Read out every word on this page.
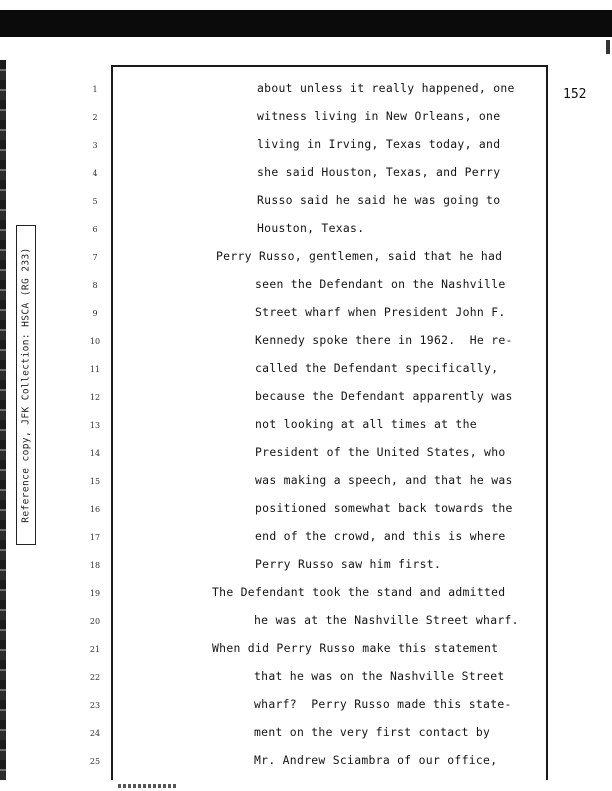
Reference copy, JFK Collection: HSCA (RG 233)
152
1	about unless it really happened, one
2	witness living in New Orleans, one
3	living in Irving, Texas today, and
4	she said Houston, Texas, and Perry
5	Russo said he said he was going to
6	Houston, Texas.
7	Perry Russo, gentlemen, said that he had
8	seen the Defendant on the Nashville
9	Street wharf when President John F.
10	Kennedy spoke there in 1962.  He re-
11	called the Defendant specifically,
12	because the Defendant apparently was
13	not looking at all times at the
14	President of the United States, who
15	was making a speech, and that he was
16	positioned somewhat back towards the
17	end of the crowd, and this is where
18	Perry Russo saw him first.
19	The Defendant took the stand and admitted
20	he was at the Nashville Street wharf.
21	When did Perry Russo make this statement
22	that he was on the Nashville Street
23	wharf?  Perry Russo made this state-
24	ment on the very first contact by
25	Mr. Andrew Sciambra of our office,
